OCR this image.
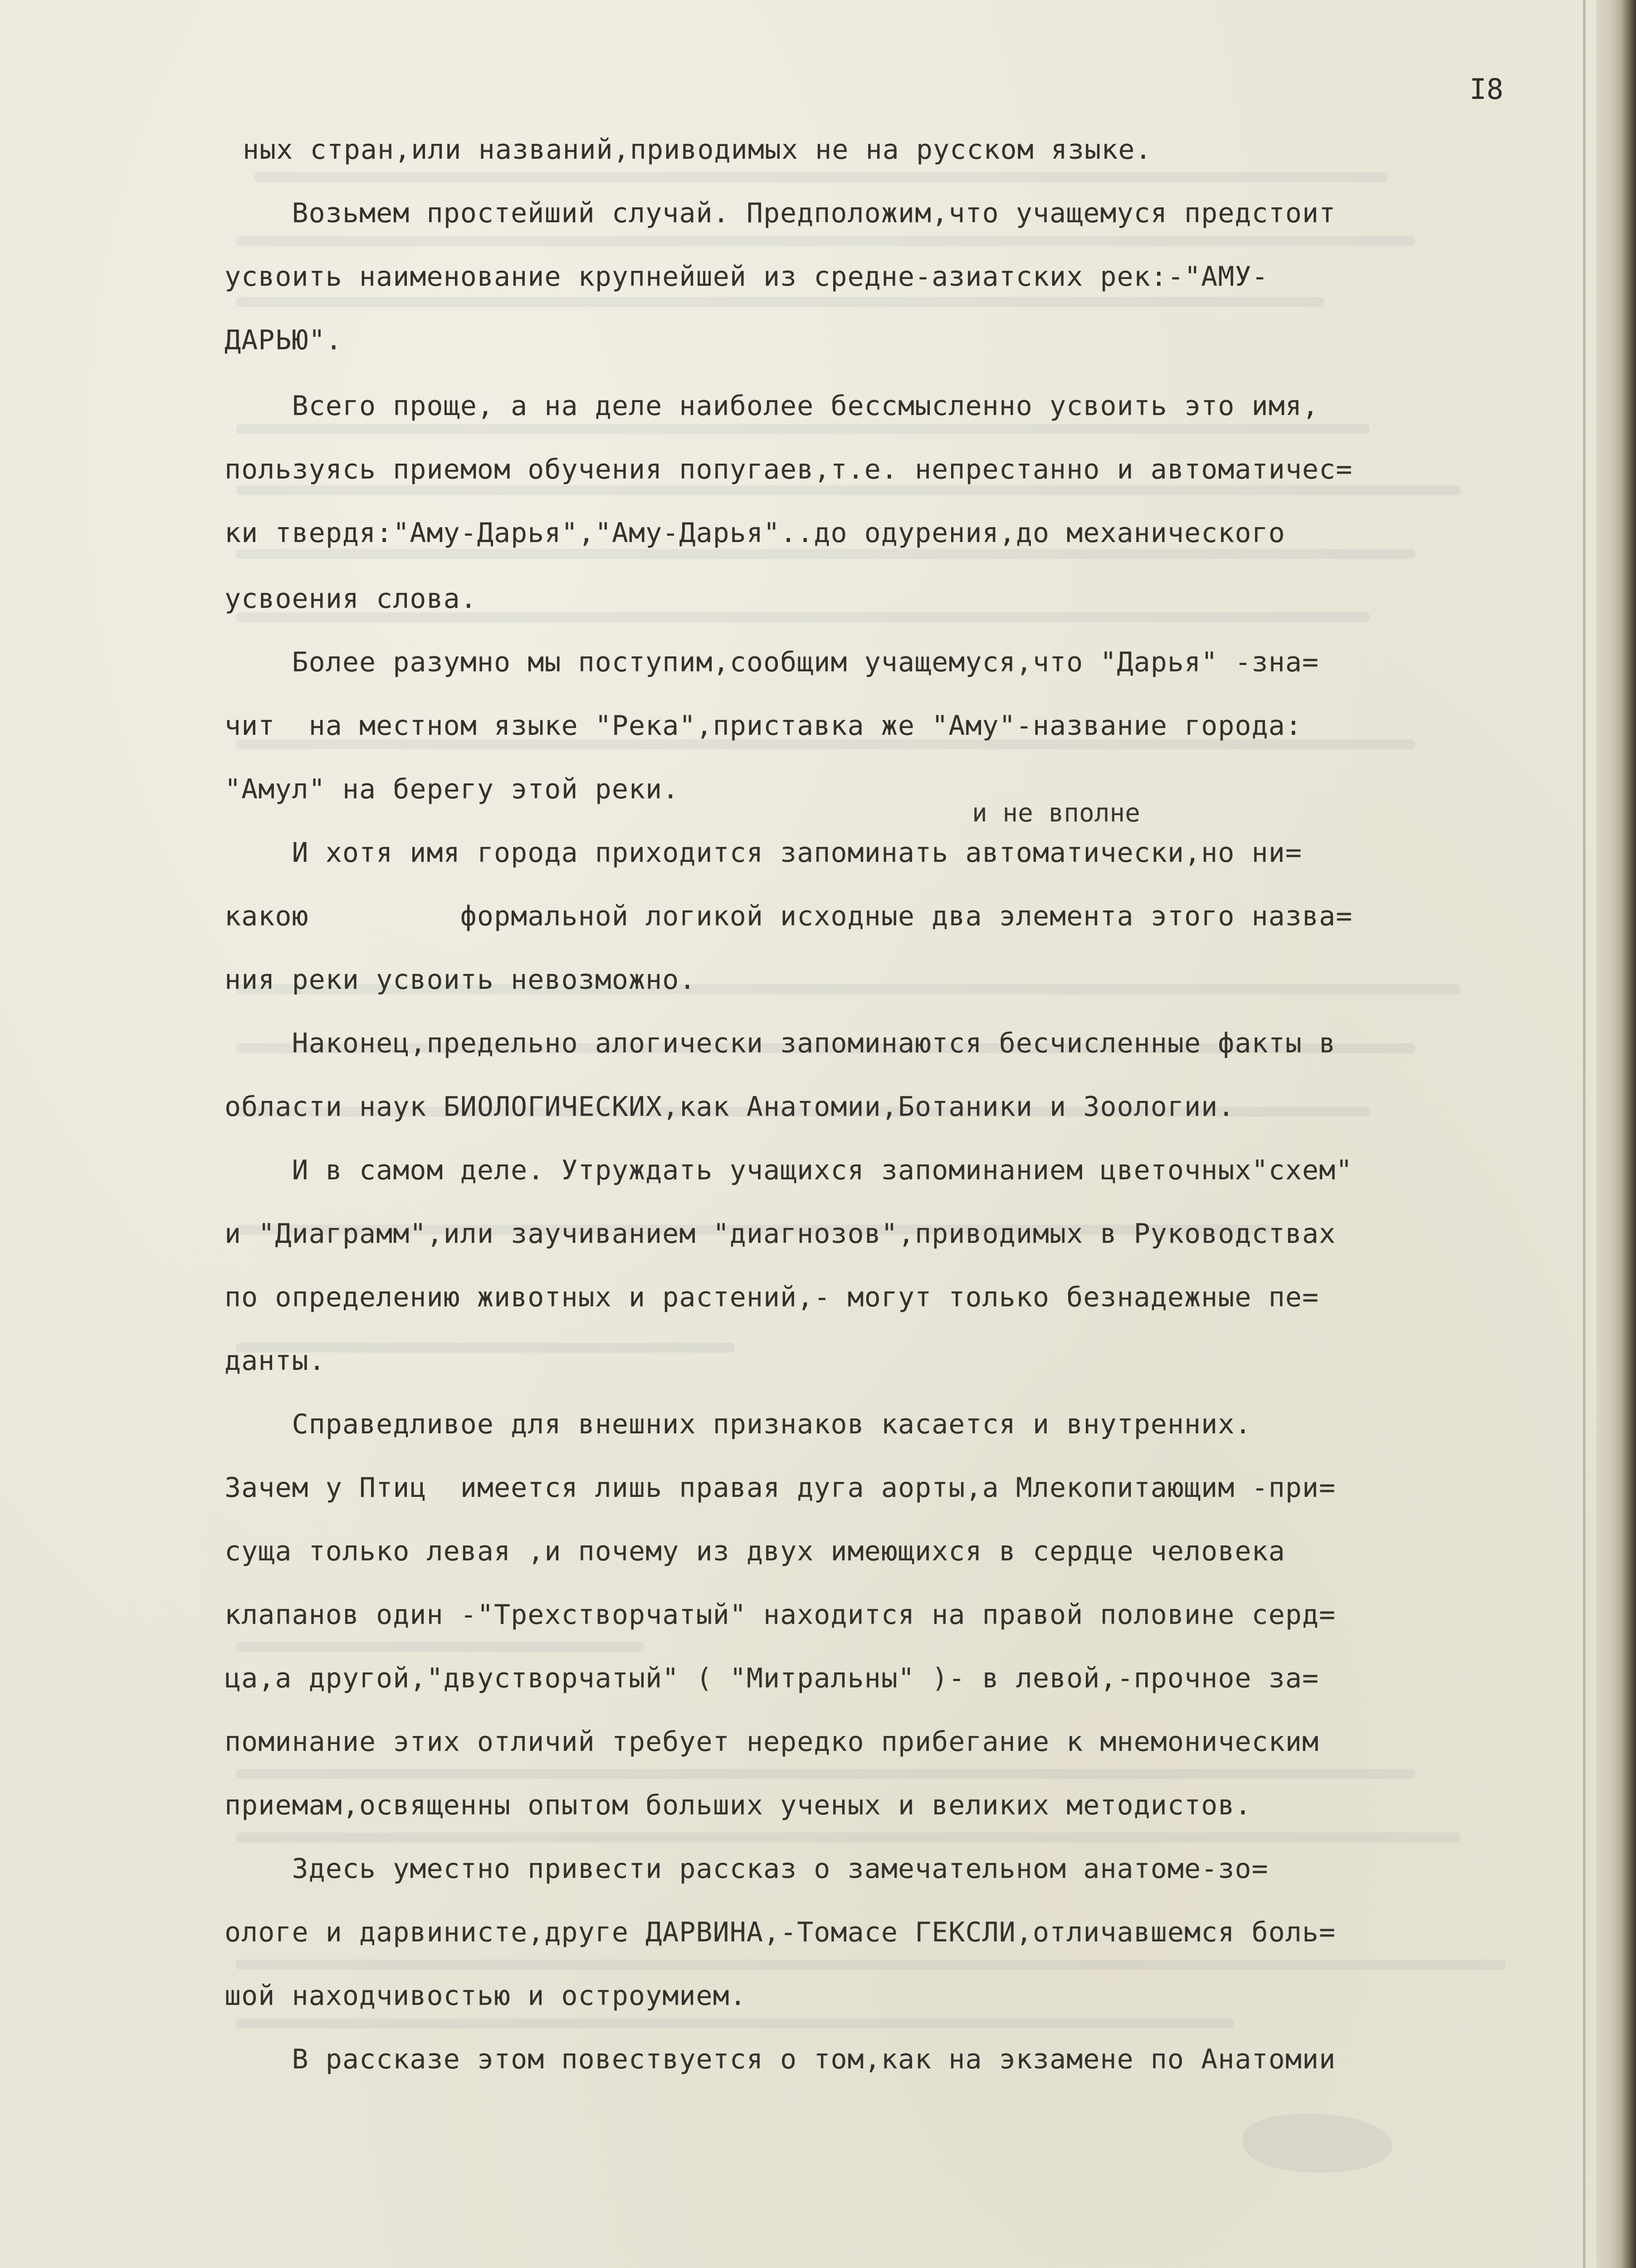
I8
и не вполне
ных стран,или названий,приводимых не на русском языке.
Возьмем простейший случай. Предположим,что учащемуся предстоит
усвоить наименование крупнейшей из средне-азиатских рек:-"АМУ-
ДАРЬЮ".
Всего проще, а на деле наиболее бессмысленно усвоить это имя,
пользуясь приемом обучения попугаев,т.е. непрестанно и автоматичес=
ки твердя:"Аму-Дарья","Аму-Дарья"..до одурения,до механического
усвоения слова.
Более разумно мы поступим,сообщим учащемуся,что "Дарья" -зна=
чит  на местном языке "Река",приставка же "Аму"-название города:
"Амул" на берегу этой реки.
И хотя имя города приходится запоминать автоматически,но ни=
какою         формальной логикой исходные два элемента этого назва=
ния реки усвоить невозможно.
Наконец,предельно алогически запоминаются бесчисленные факты в
области наук БИОЛОГИЧЕСКИХ,как Анатомии,Ботаники и Зоологии.
И в самом деле. Утруждать учащихся запоминанием цветочных"схем"
и "Диаграмм",или заучиванием "диагнозов",приводимых в Руководствах
по определению животных и растений,- могут только безнадежные пе=
данты.
Справедливое для внешних признаков касается и внутренних.
Зачем у Птиц  имеется лишь правая дуга аорты,а Млекопитающим -при=
суща только левая ,и почему из двух имеющихся в сердце человека
клапанов один -"Трехстворчатый" находится на правой половине серд=
ца,а другой,"двустворчатый" ( "Митральны" )- в левой,-прочное за=
поминание этих отличий требует нередко прибегание к мнемоническим
приемам,освященны опытом больших ученых и великих методистов.
Здесь уместно привести рассказ о замечательном анатоме-зо=
ологе и дарвинисте,друге ДАРВИНА,-Томасе ГЕКСЛИ,отличавшемся боль=
шой находчивостью и остроумием.
В рассказе этом повествуется о том,как на экзамене по Анатомии
